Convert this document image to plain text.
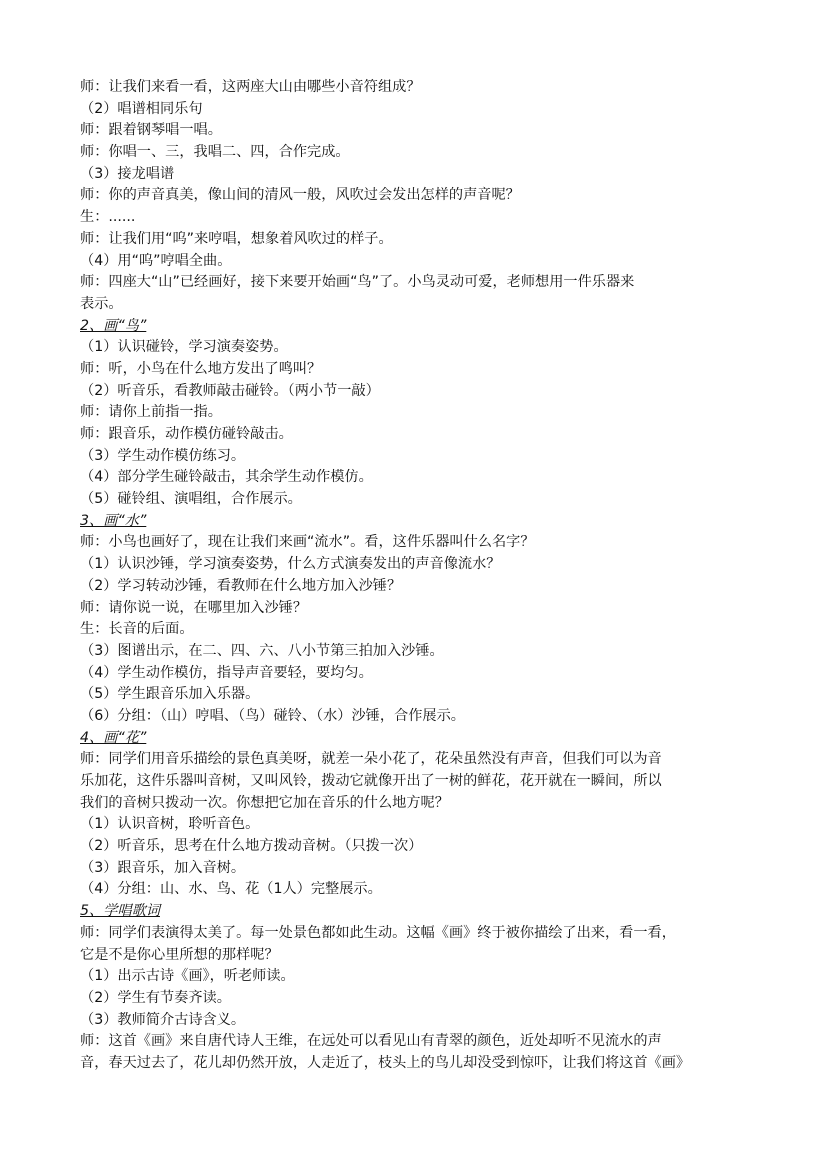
师：让我们来看一看，这两座大山由哪些小音符组成？
（2）唱谱相同乐句
师：跟着钢琴唱一唱。
师：你唱一、三，我唱二、四，合作完成。
（3）接龙唱谱
师：你的声音真美，像山间的清风一般，风吹过会发出怎样的声音呢？
生：......
师：让我们用“呜”来哼唱，想象着风吹过的样子。
（4）用“呜”哼唱全曲。
师：四座大“山”已经画好，接下来要开始画“鸟”了。小鸟灵动可爱，老师想用一件乐器来
表示。
2、画“鸟”
（1）认识碰铃，学习演奏姿势。
师：听，小鸟在什么地方发出了鸣叫？
（2）听音乐，看教师敲击碰铃。（两小节一敲）
师：请你上前指一指。
师：跟音乐，动作模仿碰铃敲击。
（3）学生动作模仿练习。
（4）部分学生碰铃敲击，其余学生动作模仿。
（5）碰铃组、演唱组，合作展示。
3、画“水”
师：小鸟也画好了，现在让我们来画“流水”。看，这件乐器叫什么名字？
（1）认识沙锤，学习演奏姿势，什么方式演奏发出的声音像流水？
（2）学习转动沙锤，看教师在什么地方加入沙锤？
师：请你说一说，在哪里加入沙锤？
生：长音的后面。
（3）图谱出示，在二、四、六、八小节第三拍加入沙锤。
（4）学生动作模仿，指导声音要轻，要均匀。
（5）学生跟音乐加入乐器。
（6）分组：（山）哼唱、（鸟）碰铃、（水）沙锤，合作展示。
4、画“花”
师：同学们用音乐描绘的景色真美呀，就差一朵小花了，花朵虽然没有声音，但我们可以为音
乐加花，这件乐器叫音树，又叫风铃，拨动它就像开出了一树的鲜花，花开就在一瞬间，所以
我们的音树只拨动一次。你想把它加在音乐的什么地方呢？
（1）认识音树，聆听音色。
（2）听音乐，思考在什么地方拨动音树。（只拨一次）
（3）跟音乐，加入音树。
（4）分组：山、水、鸟、花（1人）完整展示。
5、学唱歌词
师：同学们表演得太美了。每一处景色都如此生动。这幅《画》终于被你描绘了出来，看一看，
它是不是你心里所想的那样呢？
（1）出示古诗《画》，听老师读。
（2）学生有节奏齐读。
（3）教师简介古诗含义。
师：这首《画》来自唐代诗人王维，在远处可以看见山有青翠的颜色，近处却听不见流水的声
音，春天过去了，花儿却仍然开放，人走近了，枝头上的鸟儿却没受到惊吓，让我们将这首《画》
